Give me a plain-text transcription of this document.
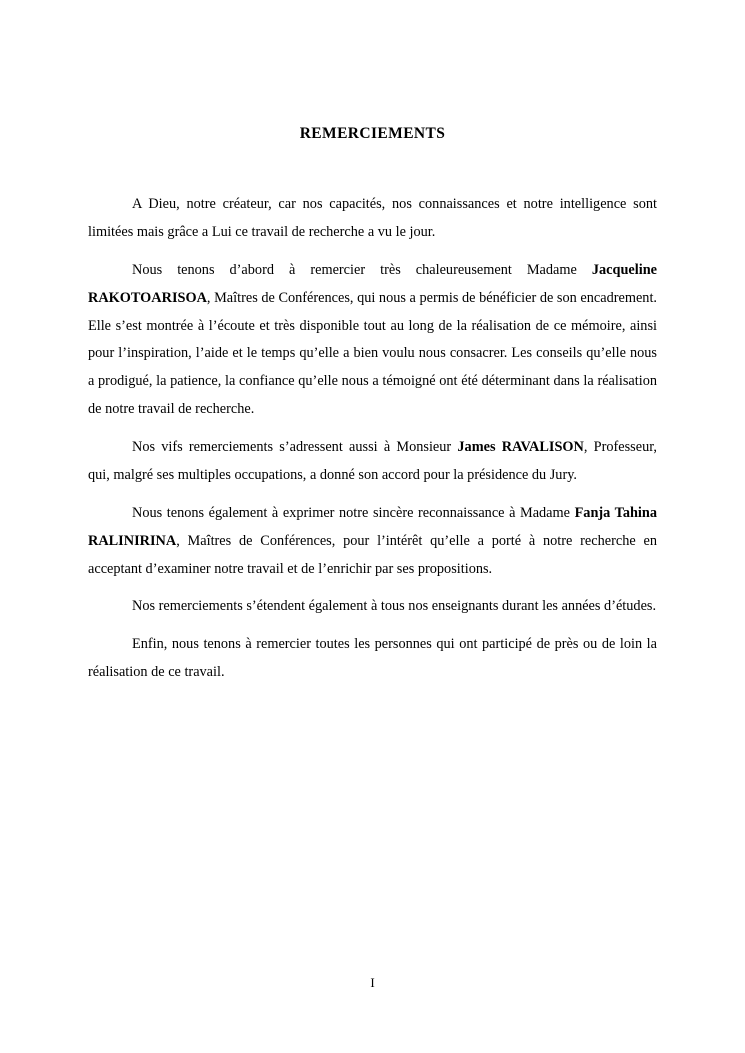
REMERCIEMENTS

A Dieu, notre créateur, car nos capacités, nos connaissances et notre intelligence sont limitées mais grâce a Lui ce travail de recherche a vu le jour.

Nous tenons d’abord à remercier très chaleureusement Madame Jacqueline RAKOTOARISOA, Maîtres de Conférences, qui nous a permis de bénéficier de son encadrement. Elle s’est montrée à l’écoute et très disponible tout au long de la réalisation de ce mémoire, ainsi pour l’inspiration, l’aide et le temps qu’elle a bien voulu nous consacrer. Les conseils qu’elle nous a prodigué, la patience, la confiance qu’elle nous a témoigné ont été déterminant dans la réalisation de notre travail de recherche.

Nos vifs remerciements s’adressent aussi à Monsieur James RAVALISON, Professeur, qui, malgré ses multiples occupations, a donné son accord pour la présidence du Jury.

Nous tenons également à exprimer notre sincère reconnaissance à Madame Fanja Tahina RALINIRINA, Maîtres de Conférences, pour l’intérêt qu’elle a porté à notre recherche en acceptant d’examiner notre travail et de l’enrichir par ses propositions.

Nos remerciements s’étendent également à tous nos enseignants durant les années d’études.

Enfin, nous tenons à remercier toutes les personnes qui ont participé de près ou de loin la réalisation de ce travail.

I
